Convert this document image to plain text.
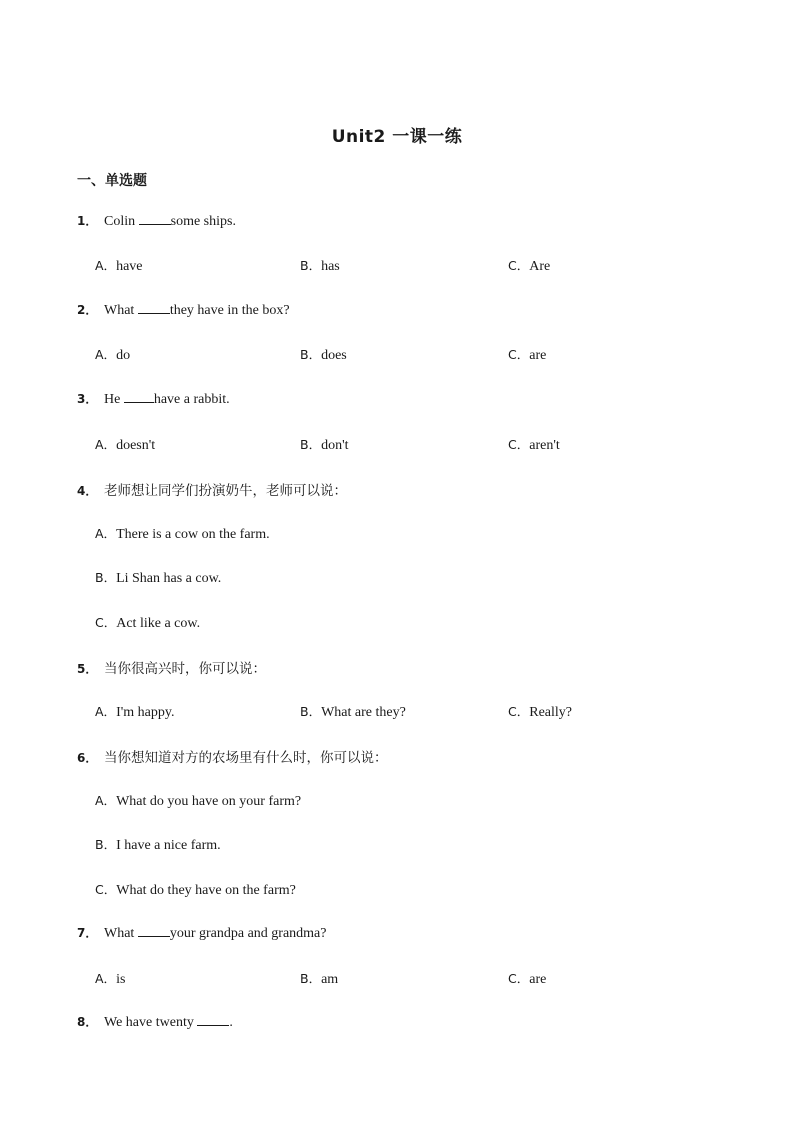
Unit2 一课一练
一、单选题
1． Colin some ships.
A．have	B．has	C．Are
2． What they have in the box?
A．do	B．does	C．are
3． He have a rabbit.
A．doesn't	B．don't	C．aren't
4． 老师想让同学们扮演奶牛，老师可以说：
A．There is a cow on the farm.
B．Li Shan has a cow.
C．Act like a cow.
5． 当你很高兴时，你可以说：
A．I'm happy.	B．What are they?	C．Really?
6． 当你想知道对方的农场里有什么时，你可以说：
A．What do you have on your farm?
B．I have a nice farm.
C．What do they have on the farm?
7． What your grandpa and grandma?
A．is	B．am	C．are
8． We have twenty .
